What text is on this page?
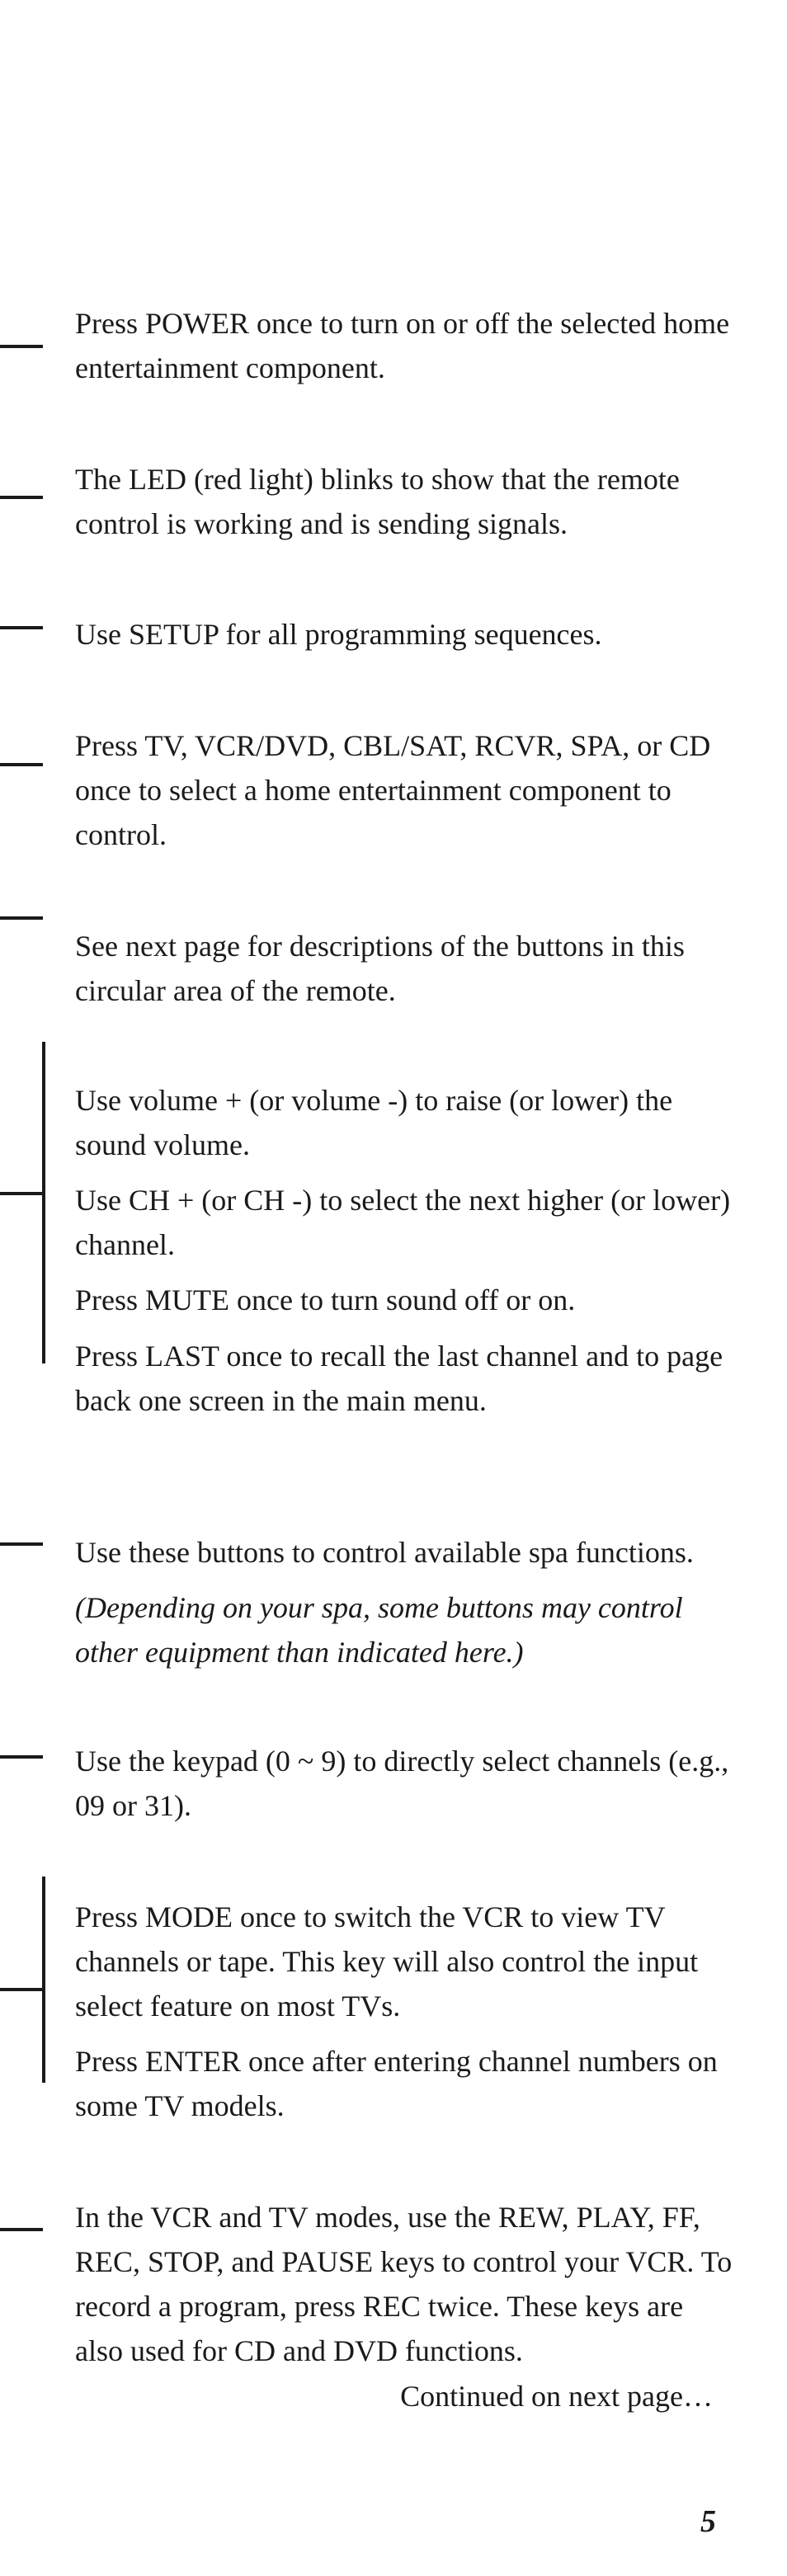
Press POWER once to turn on or off the selected home entertainment component.

The LED (red light) blinks to show that the remote control is working and is sending signals.

Use SETUP for all programming sequences.

Press TV, VCR/DVD, CBL/SAT, RCVR, SPA, or CD once to select a home entertainment component to control.

See next page for descriptions of the buttons in this circular area of the remote.

Use volume + (or volume -) to raise (or lower) the sound volume.

Use CH + (or CH -) to select the next higher (or lower) channel.

Press MUTE once to turn sound off or on.

Press LAST once to recall the last channel and to page back one screen in the main menu.

Use these buttons to control available spa functions.

(Depending on your spa, some buttons may control other equipment than indicated here.)

Use the keypad (0 ~ 9) to directly select channels (e.g., 09 or 31).

Press MODE once to switch the VCR to view TV channels or tape. This key will also control the input select feature on most TVs.

Press ENTER once after entering channel numbers on some TV models.

In the VCR and TV modes, use the REW, PLAY, FF, REC, STOP, and PAUSE keys to control your VCR. To record a program, press REC twice. These keys are also used for CD and DVD functions.

Continued on next page…

5
